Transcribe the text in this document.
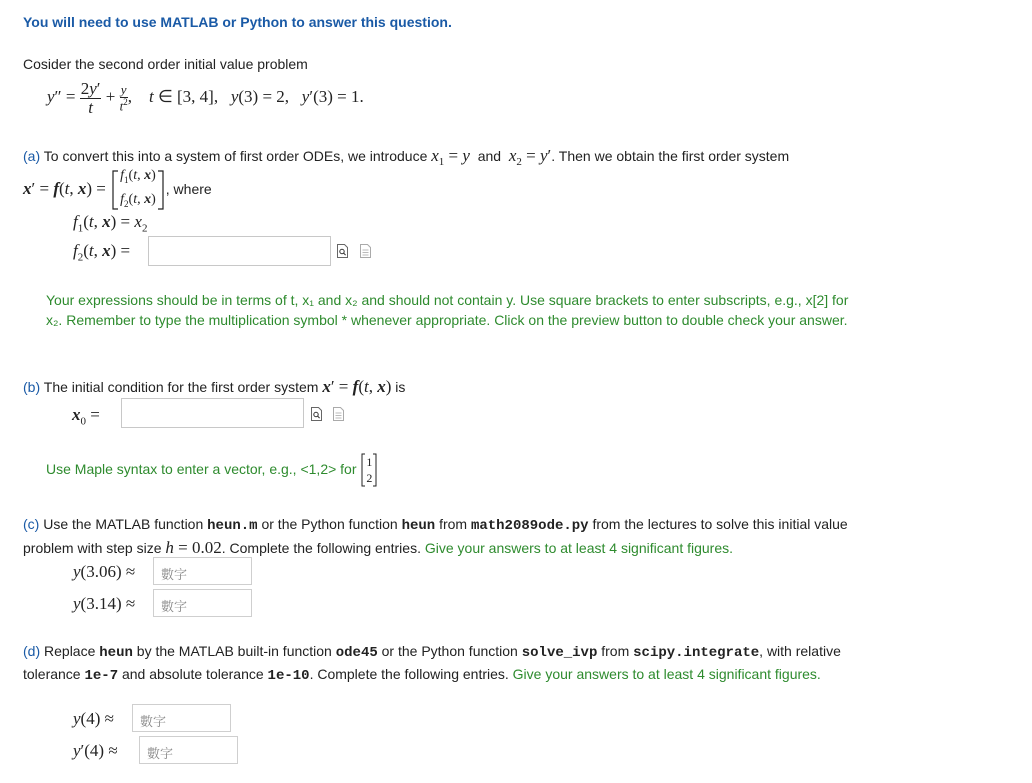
You will need to use MATLAB or Python to answer this question.
Cosider the second order initial value problem
$y'' = \frac{2y'}{t} + \frac{y}{t^2}$ ,    t ∈ [3, 4],   y(3) = 2,   y′(3) = 1.
(a) To convert this into a system of first order ODEs, we introduce $x_1 = y$ and $x_2 = y'$. Then we obtain the first order system
x′ = f(t, x) =
$f_1(t$, x)
$f_2(t$, x)
, where
$f_1(t$, $x) = x_2$
$f_2(t$, x) =
Your expressions should be in terms of t, x₁ and x₂ and should not contain y. Use square brackets to enter subscripts, e.g., x[2] for x₂. Remember to type the multiplication symbol * whenever appropriate. Click on the preview button to double check your answer.
(b) The initial condition for the first order system x′ = f(t, x) is
$x_0$ =
Use Maple syntax to enter a vector, e.g., <1,2> for 1
2
(c) Use the MATLAB function heun.m or the Python function heun from math2089ode.py from the lectures to solve this initial value problem with step size h = 0.02. Complete the following entries. Give your answers to at least 4 significant figures.
y(3.06) ≈	數字
y(3.14) ≈	數字
(d) Replace heun by the MATLAB built-in function ode45 or the Python function solve_ivp from scipy.integrate, with relative tolerance 1e-7 and absolute tolerance 1e-10. Complete the following entries. Give your answers to at least 4 significant figures.
y(4) ≈	數字
y′(4) ≈	數字
